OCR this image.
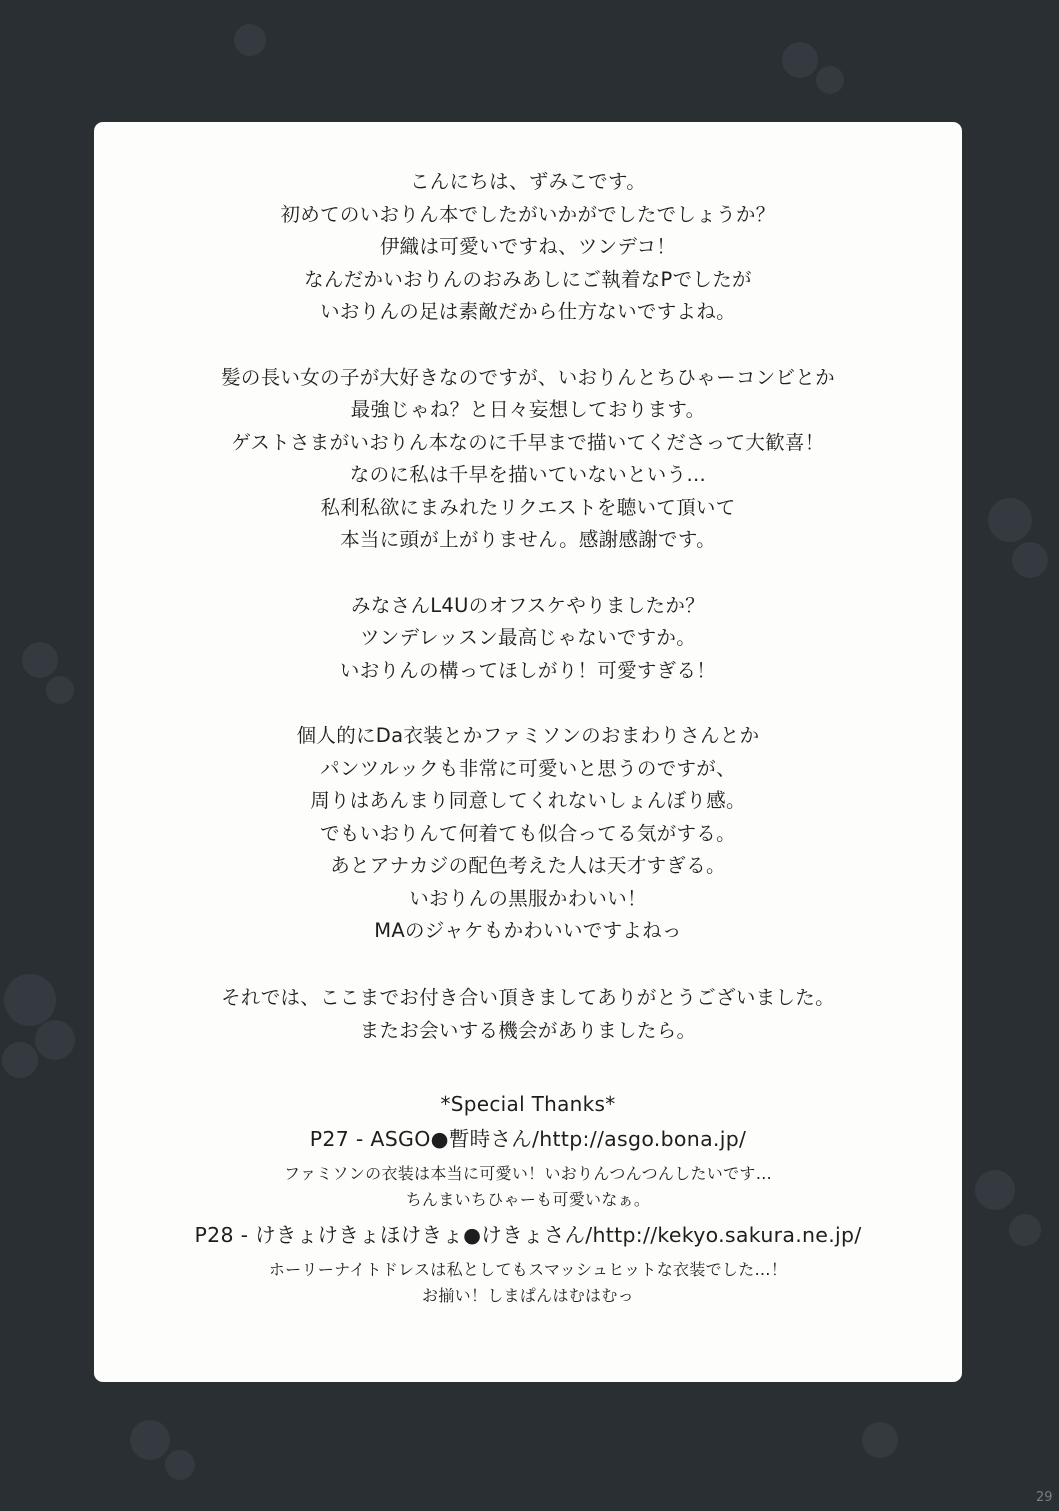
こんにちは、ずみこです。
初めてのいおりん本でしたがいかがでしたでしょうか？
伊織は可愛いですね、ツンデコ！
なんだかいおりんのおみあしにご執着なPでしたが
いおりんの足は素敵だから仕方ないですよね。
髪の長い女の子が大好きなのですが、いおりんとちひゃーコンビとか
最強じゃね？と日々妄想しております。
ゲストさまがいおりん本なのに千早まで描いてくださって大歓喜！
なのに私は千早を描いていないという…
私利私欲にまみれたリクエストを聴いて頂いて
本当に頭が上がりません。感謝感謝です。
みなさんL4Uのオフスケやりましたか？
ツンデレッスン最高じゃないですか。
いおりんの構ってほしがり！可愛すぎる！
個人的にDa衣装とかファミソンのおまわりさんとか
パンツルックも非常に可愛いと思うのですが、
周りはあんまり同意してくれないしょんぼり感。
でもいおりんて何着ても似合ってる気がする。
あとアナカジの配色考えた人は天才すぎる。
いおりんの黒服かわいい！
MAのジャケもかわいいですよねっ
それでは、ここまでお付き合い頂きましてありがとうございました。
またお会いする機会がありましたら。
*Special Thanks*
P27 - ASGO●暫時さん/http://asgo.bona.jp/
ファミソンの衣装は本当に可愛い！いおりんつんつんしたいです…
ちんまいちひゃーも可愛いなぁ。
P28 - けきょけきょほけきょ●けきょさん/http://kekyo.sakura.ne.jp/
ホーリーナイトドレスは私としてもスマッシュヒットな衣装でした…！
お揃い！しまぱんはむはむっ
29
